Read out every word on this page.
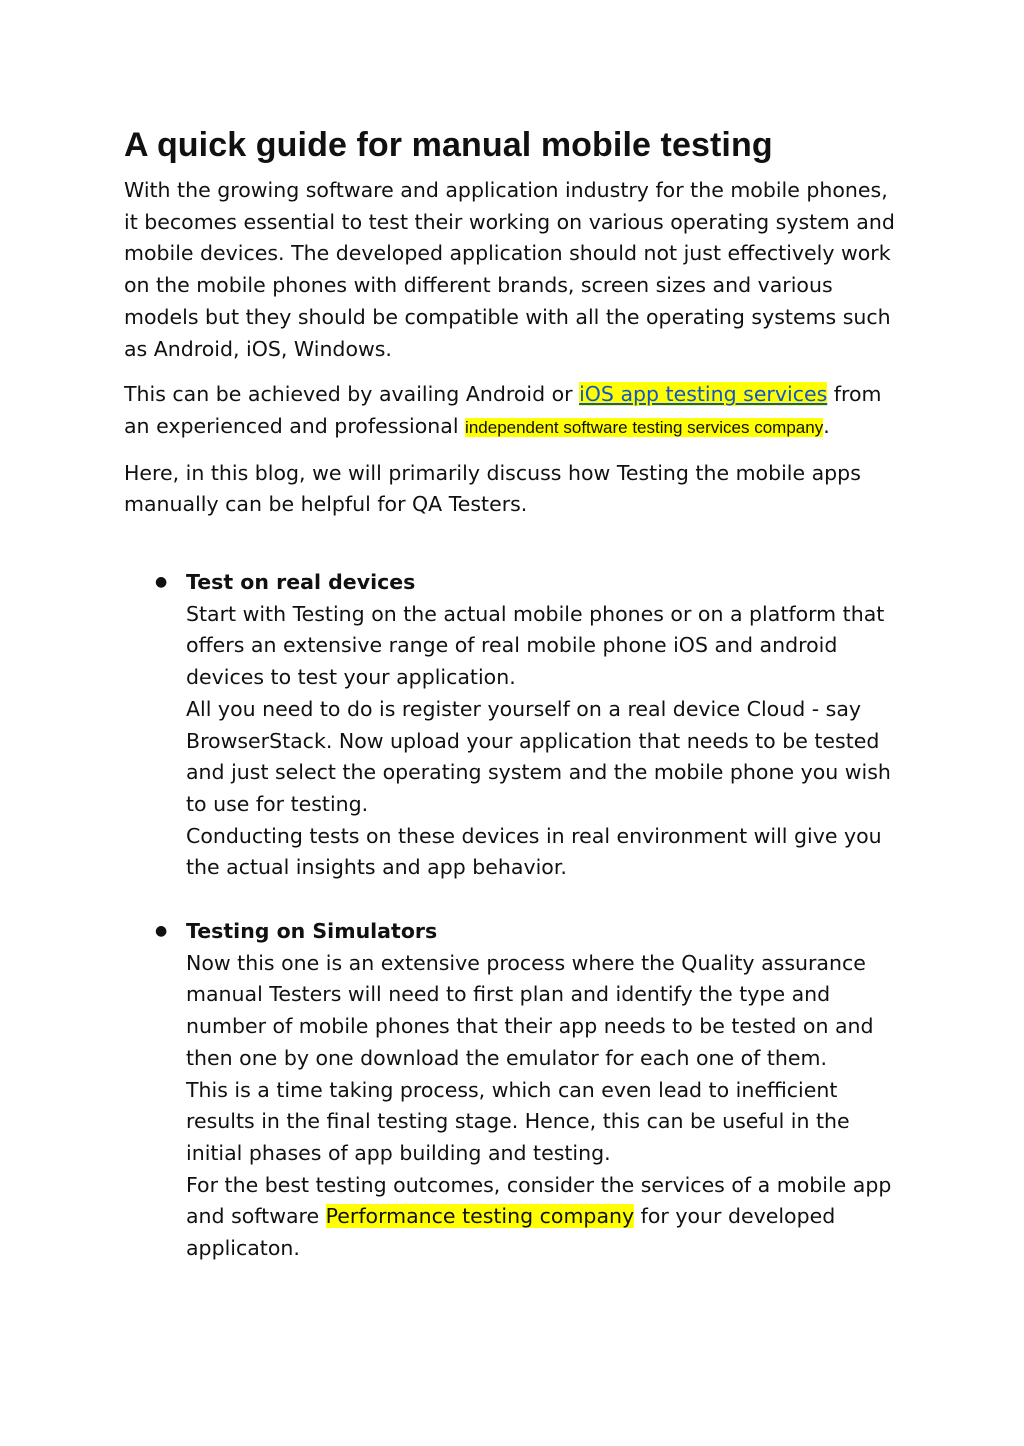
A quick guide for manual mobile testing

With the growing software and application industry for the mobile phones, it becomes essential to test their working on various operating system and mobile devices. The developed application should not just effectively work on the mobile phones with different brands, screen sizes and various models but they should be compatible with all the operating systems such as Android, iOS, Windows.

This can be achieved by availing Android or iOS app testing services from an experienced and professional independent software testing services company.

Here, in this blog, we will primarily discuss how Testing the mobile apps manually can be helpful for QA Testers.

● Test on real devices
Start with Testing on the actual mobile phones or on a platform that offers an extensive range of real mobile phone iOS and android devices to test your application.
All you need to do is register yourself on a real device Cloud - say BrowserStack. Now upload your application that needs to be tested and just select the operating system and the mobile phone you wish to use for testing.
Conducting tests on these devices in real environment will give you the actual insights and app behavior.
● Testing on Simulators
Now this one is an extensive process where the Quality assurance manual Testers will need to first plan and identify the type and number of mobile phones that their app needs to be tested on and then one by one download the emulator for each one of them.
This is a time taking process, which can even lead to inefficient results in the final testing stage. Hence, this can be useful in the initial phases of app building and testing.
For the best testing outcomes, consider the services of a mobile app and software Performance testing company for your developed applicaton.
